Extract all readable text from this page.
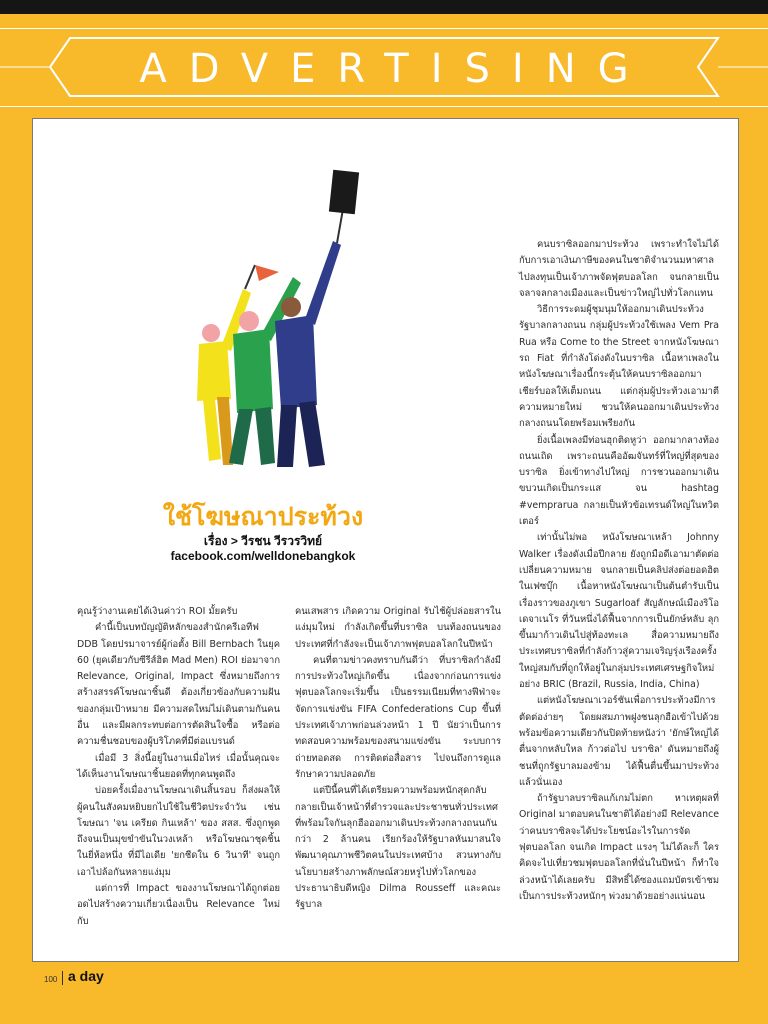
ADVERTISING
ใช้โฆษณาประท้วง
เรื่อง > วีรชน วีรวรวิทย์
facebook.com/welldonebangkok

คุณรู้ว่างานเคยได้เงินค่าว่า ROI มั้ยครับ

คำนี้เป็นบทบัญญัติหลักของสำนักครีเอทีฟ DDB โดยปรมาจารย์ผู้ก่อตั้ง Bill Bernbach ในยุค 60 (ยุคเดียวกับซีรีส์ฮิต Mad Men) ROI ย่อมาจาก Relevance, Original, Impact ซึ่งหมายถึงการสร้างสรรค์โฆษณาชิ้นดี ต้องเกี่ยวข้องกับความฝันของกลุ่มเป้าหมาย มีความสดใหม่ไม่เดินตามกันคนอื่น และมีผลกระทบต่อการตัดสินใจซื้อ หรือต่อความชื่นชอบของผู้บริโภคที่มีต่อแบรนด์

เมื่อมี 3 สิ่งนี้อยู่ในงานเมื่อไหร่ เมื่อนั้นคุณจะได้เห็นงานโฆษณาชิ้นยอดที่ทุกคนพูดถึง

บ่อยครั้งเมื่องานโฆษณาเดินสิ้นรอบ ก็ส่งผลให้ผู้คนในสังคมหยิบยกไปใช้ในชีวิตประจำวัน เช่น โฆษณา 'จน เครียด กินเหล้า' ของ สสส. ซึ่งถูกพูดถึงจนเป็นมุขขำขันในวงเหล้า หรือโฆษณาชุดชิ้นในยี่ห้อหนึ่ง ที่มีไอเดีย 'ยกชีดใน 6 วินาที' จนถูกเอาไปล้อกันหลายแง่มุม

แต่การที่ Impact ของงานโฆษณาได้ถูกต่อยอดไปสร้างความเกี่ยวเนื่องเป็น Relevance ใหม่กับ

คนเสพสาร เกิดความ Original รับไช้ผู้ปล่อยสารในแง่มุมใหม่ กำลังเกิดขึ้นที่บราซิล บนท้องถนนของประเทศที่กำลังจะเป็นเจ้าภาพฟุตบอลโลกในปีหน้า

คนที่ตามข่าวคงทราบกันดีว่า ที่บราซิลกำลังมีการประท้วงใหญ่เกิดขึ้น เนื่องจากก่อนการแข่งฟุตบอลโลกจะเริ่มขึ้น เป็นธรรมเนียมที่ทางฟีฟ่าจะจัดการแข่งขัน FIFA Confederations Cup ขึ้นที่ประเทศเจ้าภาพก่อนล่วงหน้า 1 ปี นัยว่าเป็นการทดสอบความพร้อมของสนามแข่งขัน ระบบการถ่ายทอดสด การติดต่อสื่อสาร ไปจนถึงการดูแลรักษาความปลอดภัย

แต่ปีนี้คนที่ได้เตรียมความพร้อมหนักสุดกลับกลายเป็นเจ้าหน้าที่ตำรวจและประชาชนทั่วประเทศ ที่พร้อมใจกันลุกฮือออกมาเดินประท้วงกลางถนนกันกว่า 2 ล้านคน เรียกร้องให้รัฐบาลหันมาสนใจพัฒนาคุณภาพชีวิตคนในประเทศบ้าง สวนทางกับนโยบายสร้างภาพลักษณ์สวยหรูไปทั่วโลกของประธานาธิบดีหญิง Dilma Rousseff และคณะรัฐบาล

คนบราซิลออกมาประท้วง เพราะทำใจไม่ได้กับการเอาเงินภาษีของคนในชาติจำนวนมหาศาลไปลงทุนเป็นเจ้าภาพจัดฟุตบอลโลก จนกลายเป็นจลาจลกลางเมืองและเป็นข่าวใหญ่ไปทั่วโลกแทน

วิธีการระดมผู้ชุมนุมให้ออกมาเดินประท้วงรัฐบาลกลางถนน กลุ่มผู้ประท้วงใช้เพลง Vem Pra Rua หรือ Come to the Street จากหนังโฆษณารถ Fiat ที่กำลังโด่งดังในบราซิล เนื้อหาเพลงในหนังโฆษณาเรื่องนี้กระตุ้นให้คนบราซิลออกมาเชียร์บอลให้เต็มถนน แต่กลุ่มผู้ประท้วงเอามาตีความหมายใหม่ ชวนให้คนออกมาเดินประท้วงกลางถนนโดยพร้อมเพรียงกัน

ยิ่งเนื้อเพลงมีท่อนฮุกติดหูว่า ออกมากลางท้องถนนเถิด เพราะถนนคืออัฒจันทร์ที่ใหญ่ที่สุดของบราซิล ยิ่งเข้าทางไปใหญ่ การชวนออกมาเดินขบวนเกิดเป็นกระแส จน hashtag #vemprarua กลายเป็นหัวข้อเทรนด์ใหญ่ในทวิตเตอร์

เท่านั้นไม่พอ หนังโฆษณาเหล้า Johnny Walker เรื่องดังเมื่อปีกลาย ยังถูกมือดีเอามาตัดต่อเปลี่ยนความหมาย จนกลายเป็นคลิปส่งต่อยอดฮิตในเฟซบุ๊ก เนื้อหาหนังโฆษณาเป็นต้นตำรับเป็นเรื่องราวของภูเขา Sugarloaf สัญลักษณ์เมืองริโอ เดจาเนโร ที่วันหนึ่งได้ฟื้นจากการเป็นยักษ์หลับ ลุกขึ้นมาก้าวเดินไปสู่ท้องทะเล สื่อความหมายถึงประเทศบราซิลที่กำลังก้าวสู่ความเจริญรุ่งเรืองครั้งใหญ่สมกับที่ถูกให้อยู่ในกลุ่มประเทศเศรษฐกิจใหม่อย่าง BRIC (Brazil, Russia, India, China)

แต่หนังโฆษณาเวอร์ชันเพื่อการประท้วงมีการตัดต่อง่ายๆ โดยผสมภาพฝูงชนลุกฮือเข้าไปด้วยพร้อมข้อความเดียวกันปิดท้ายหนังว่า 'ยักษ์ใหญ่ได้ตื่นจากหลับใหล ก้าวต่อไป บราซิล' ดันหมายถึงผู้ชนที่ถูกรัฐบาลมองข้าม ได้ฟื้นตื่นขึ้นมาประท้วงแล้วนั่นเอง

ถ้ารัฐบาลบราซิลแก้เกมไม่ตก หาเหตุผลที่ Original มาตอบคนในชาติได้อย่างมี Relevance ว่าคนบราซิลจะได้ประโยชน์อะไรในการจัดฟุตบอลโลก จนเกิด Impact แรงๆ ไม่ได้ละก็ ใครคิดจะไปเที่ยวชมฟุตบอลโลกที่นั่นในปีหน้า ก็ทำใจล่วงหน้าได้เลยครับ มีสิทธิ์ได้ซองแถมบัตรเข้าชมเป็นการประท้วงหนักๆ พ่วงมาด้วยอย่างแน่นอน

100 a day
